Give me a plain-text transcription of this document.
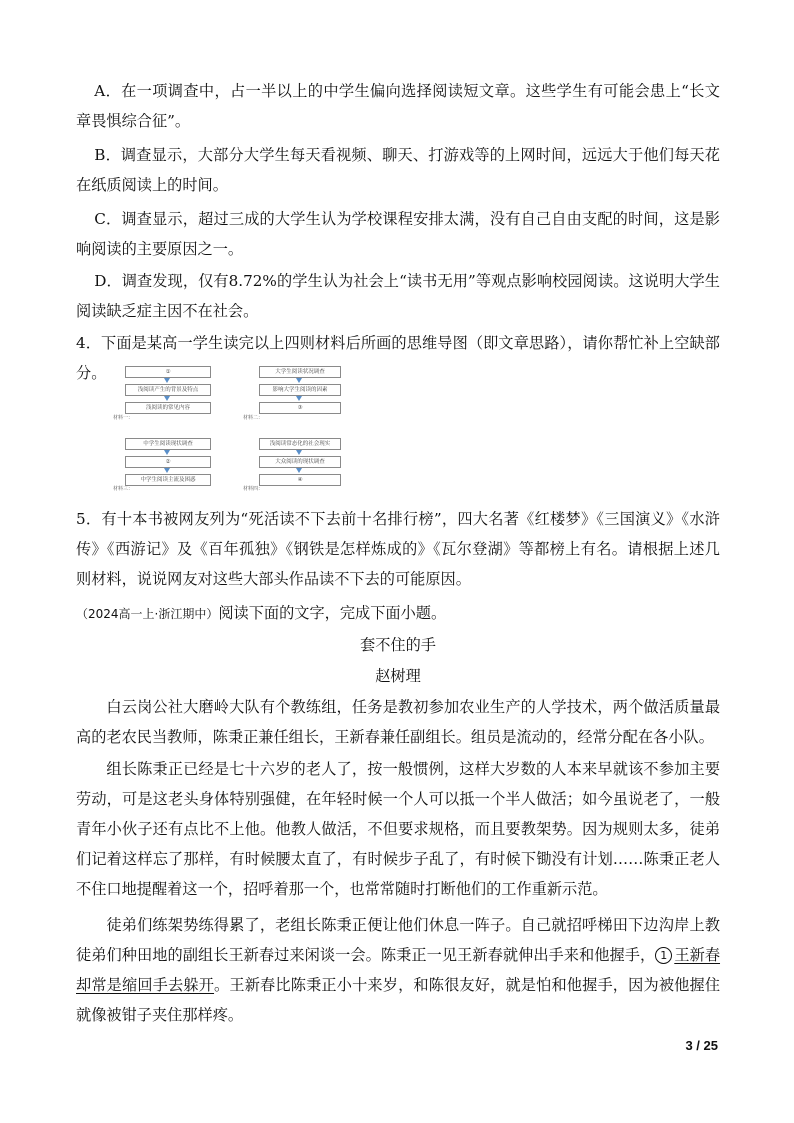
A．在一项调查中，占一半以上的中学生偏向选择阅读短文章。这些学生有可能会患上“长文章畏惧综合征”。

B．调查显示，大部分大学生每天看视频、聊天、打游戏等的上网时间，远远大于他们每天花在纸质阅读上的时间。

C．调查显示，超过三成的大学生认为学校课程安排太满，没有自己自由支配的时间，这是影响阅读的主要原因之一。

D．调查发现，仅有8.72%的学生认为社会上“读书无用”等观点影响校园阅读。这说明大学生阅读缺乏症主因不在社会。

4．下面是某高一学生读完以上四则材料后所画的思维导图（即文章思路），请你帮忙补上空缺部分。	①
浅阅读产生的背景及特点
浅阅读的常见内容
材料一：
中学生阅读现状调查
②
中学生阅读主流及困惑
材料三：
大学生阅读状况调查
影响大学生阅读的因素
③
材料二：
浅阅读常态化的社会现实
大众阅读的现状调查
④
材料四：

5．有十本书被网友列为“死活读不下去前十名排行榜”，四大名著《红楼梦》《三国演义》《水浒传》《西游记》及《百年孤独》《钢铁是怎样炼成的》《瓦尔登湖》等都榜上有名。请根据上述几则材料，说说网友对这些大部头作品读不下去的可能原因。

（2024高一上·浙江期中）阅读下面的文字，完成下面小题。

套不住的手
赵树理

白云岗公社大磨岭大队有个教练组，任务是教初参加农业生产的人学技术，两个做活质量最高的老农民当教师，陈秉正兼任组长，王新春兼任副组长。组员是流动的，经常分配在各小队。

组长陈秉正已经是七十六岁的老人了，按一般惯例，这样大岁数的人本来早就该不参加主要劳动，可是这老头身体特别强健，在年轻时候一个人可以抵一个半人做活；如今虽说老了，一般青年小伙子还有点比不上他。他教人做活，不但要求规格，而且要教架势。因为规则太多，徒弟们记着这样忘了那样，有时候腰太直了，有时候步子乱了，有时候下锄没有计划……陈秉正老人不住口地提醒着这一个，招呼着那一个，也常常随时打断他们的工作重新示范。

徒弟们练架势练得累了，老组长陈秉正便让他们休息一阵子。自己就招呼梯田下边沟岸上教徒弟们种田地的副组长王新春过来闲谈一会。陈秉正一见王新春就伸出手来和他握手， 1 王新春却常是缩回手去躲开。王新春比陈秉正小十来岁，和陈很友好，就是怕和他握手，因为被他握住就像被钳子夹住那样疼。

3 / 25
